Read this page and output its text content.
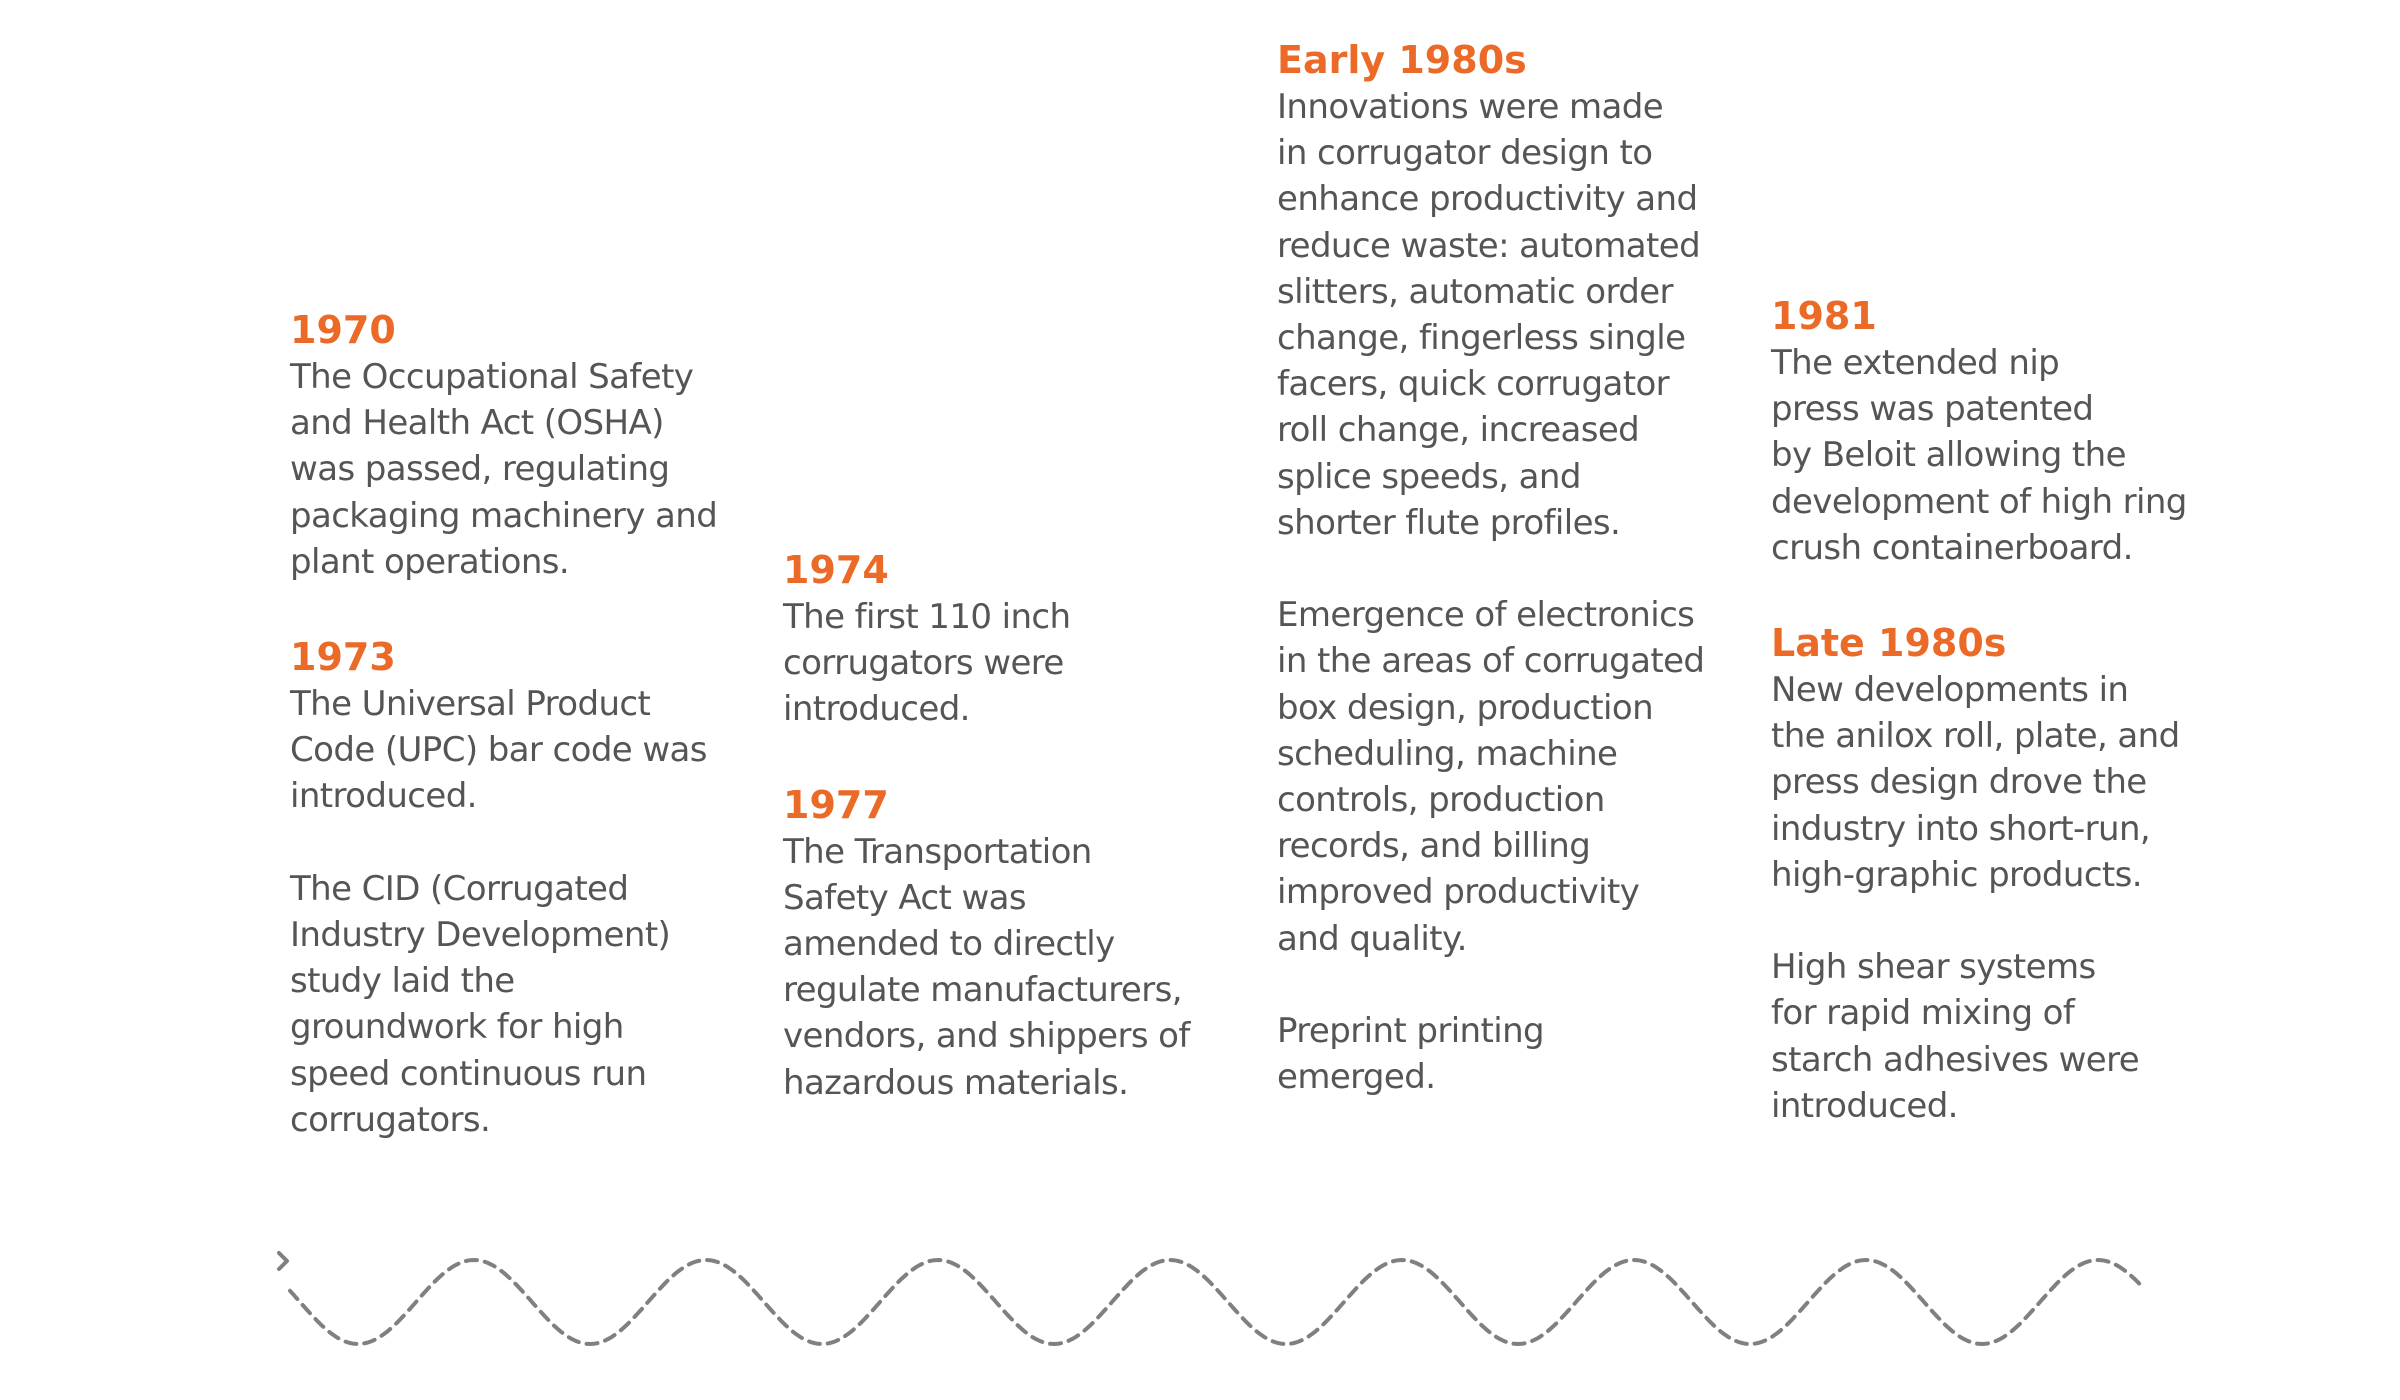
1970

The Occupational Safety
and Health Act (OSHA)
was passed, regulating
packaging machinery and
plant operations.

1973

The Universal Product
Code (UPC) bar code was
introduced.

The CID (Corrugated
Industry Development)
study laid the
groundwork for high
speed continuous run
corrugators.

1974

The first 110 inch
corrugators were
introduced.

1977

The Transportation
Safety Act was
amended to directly
regulate manufacturers,
vendors, and shippers of
hazardous materials.

Early 1980s

Innovations were made
in corrugator design to
enhance productivity and
reduce waste: automated
slitters, automatic order
change, fingerless single
facers, quick corrugator
roll change, increased
splice speeds, and
shorter flute profiles.

Emergence of electronics
in the areas of corrugated
box design, production
scheduling, machine
controls, production
records, and billing
improved productivity
and quality.

Preprint printing
emerged.

1981

The extended nip
press was patented
by Beloit allowing the
development of high ring
crush containerboard.

Late 1980s

New developments in
the anilox roll, plate, and
press design drove the
industry into short-run,
high-graphic products.

High shear systems
for rapid mixing of
starch adhesives were
introduced.
